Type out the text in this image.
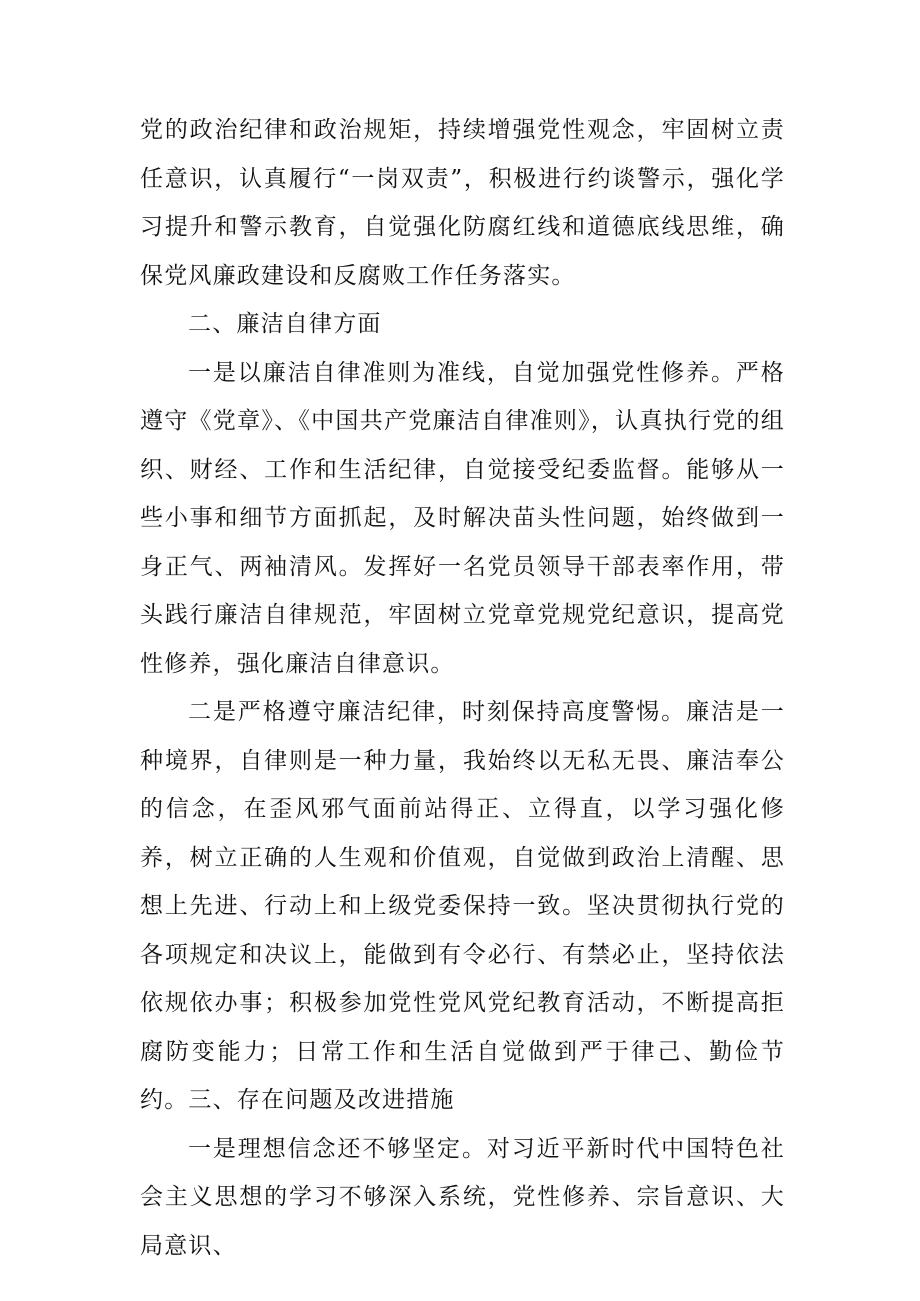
党的政治纪律和政治规矩，持续增强党性观念，牢固树立责任意识，认真履行“一岗双责”，积极进行约谈警示，强化学习提升和警示教育，自觉强化防腐红线和道德底线思维，确保党风廉政建设和反腐败工作任务落实。

二、廉洁自律方面

一是以廉洁自律准则为准线，自觉加强党性修养。严格遵守《党章》、《中国共产党廉洁自律准则》，认真执行党的组织、财经、工作和生活纪律，自觉接受纪委监督。能够从一些小事和细节方面抓起，及时解决苗头性问题，始终做到一身正气、两袖清风。发挥好一名党员领导干部表率作用，带头践行廉洁自律规范，牢固树立党章党规党纪意识，提高党性修养，强化廉洁自律意识。

二是严格遵守廉洁纪律，时刻保持高度警惕。廉洁是一种境界，自律则是一种力量，我始终以无私无畏、廉洁奉公的信念，在歪风邪气面前站得正、立得直，以学习强化修养，树立正确的人生观和价值观，自觉做到政治上清醒、思想上先进、行动上和上级党委保持一致。坚决贯彻执行党的各项规定和决议上，能做到有令必行、有禁必止，坚持依法依规依办事；积极参加党性党风党纪教育活动，不断提高拒腐防变能力；日常工作和生活自觉做到严于律己、勤俭节约。三、存在问题及改进措施

一是理想信念还不够坚定。对习近平新时代中国特色社会主义思想的学习不够深入系统，党性修养、宗旨意识、大局意识、
